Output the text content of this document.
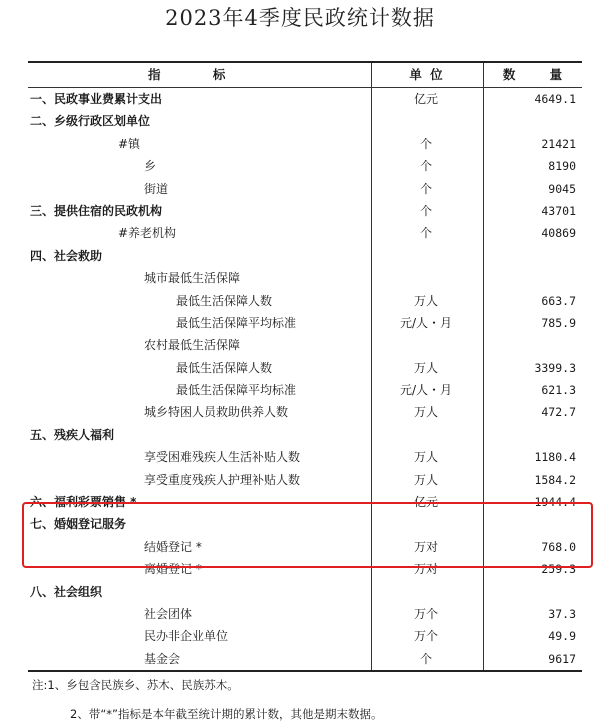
2023年4季度民政统计数据
指 标	单 位	数 量
一、民政事业费累计支出	亿元	4649.1
二、乡级行政区划单位
#镇	个	21421
乡	个	8190
街道	个	9045
三、提供住宿的民政机构	个	43701
#养老机构	个	40869
四、社会救助
城市最低生活保障
最低生活保障人数	万人	663.7
最低生活保障平均标准	元/人・月	785.9
农村最低生活保障
最低生活保障人数	万人	3399.3
最低生活保障平均标准	元/人・月	621.3
城乡特困人员救助供养人数	万人	472.7
五、残疾人福利
享受困难残疾人生活补贴人数	万人	1180.4
享受重度残疾人护理补贴人数	万人	1584.2
六、福利彩票销售 *	亿元	1944.4
七、婚姻登记服务
结婚登记 *	万对	768.0
离婚登记 *	万对	259.3
八、社会组织
社会团体	万个	37.3
民办非企业单位	万个	49.9
基金会	个	9617
注:1、乡包含民族乡、苏木、民族苏木。
2、带“*”指标是本年截至统计期的累计数，其他是期末数据。
